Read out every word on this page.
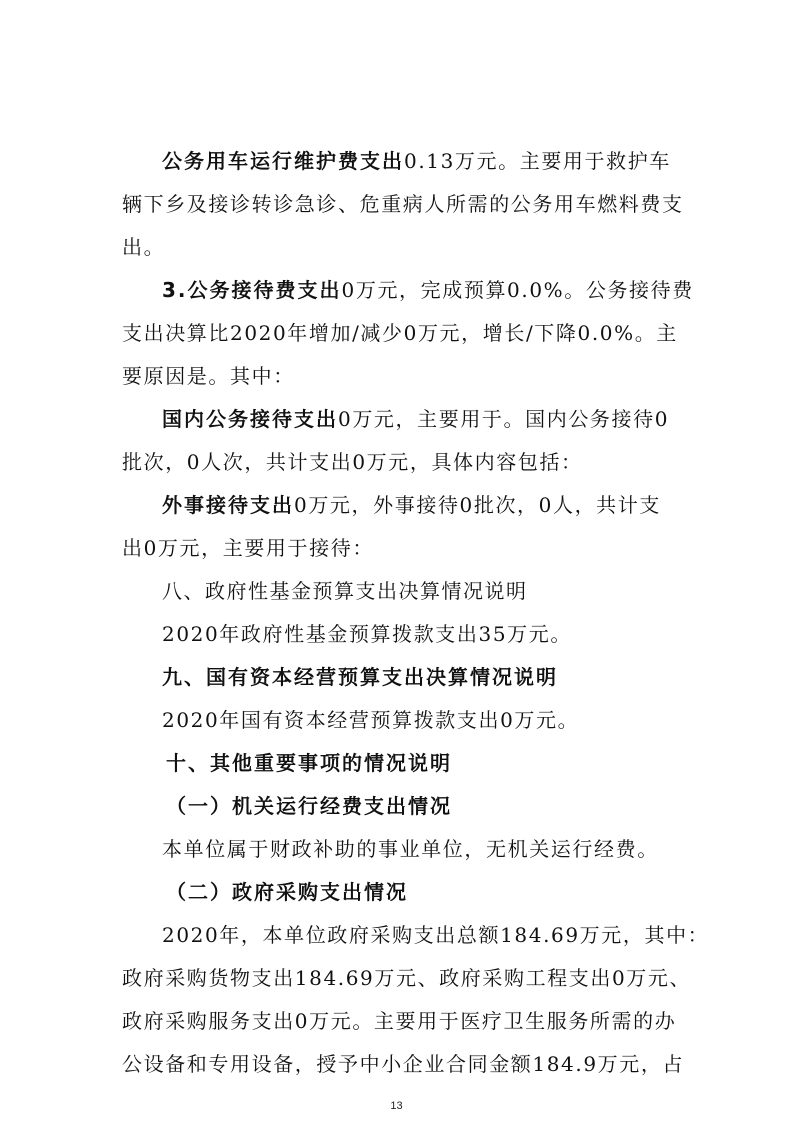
公务用车运行维护费支出0.13万元。主要用于救护车
辆下乡及接诊转诊急诊、危重病人所需的公务用车燃料费支
出。
3.公务接待费支出0万元，完成预算0.0%。公务接待费
支出决算比2020年增加/减少0万元，增长/下降0.0%。主
要原因是。其中：
国内公务接待支出0万元，主要用于。国内公务接待0
批次，0人次，共计支出0万元，具体内容包括：
外事接待支出0万元，外事接待0批次，0人，共计支
出0万元，主要用于接待：
八、政府性基金预算支出决算情况说明
2020年政府性基金预算拨款支出35万元。
九、国有资本经营预算支出决算情况说明
2020年国有资本经营预算拨款支出0万元。
十、其他重要事项的情况说明
（一）机关运行经费支出情况
本单位属于财政补助的事业单位，无机关运行经费。
（二）政府采购支出情况
2020年，本单位政府采购支出总额184.69万元，其中：
政府采购货物支出184.69万元、政府采购工程支出0万元、
政府采购服务支出0万元。主要用于医疗卫生服务所需的办
公设备和专用设备，授予中小企业合同金额184.9万元，占
13
